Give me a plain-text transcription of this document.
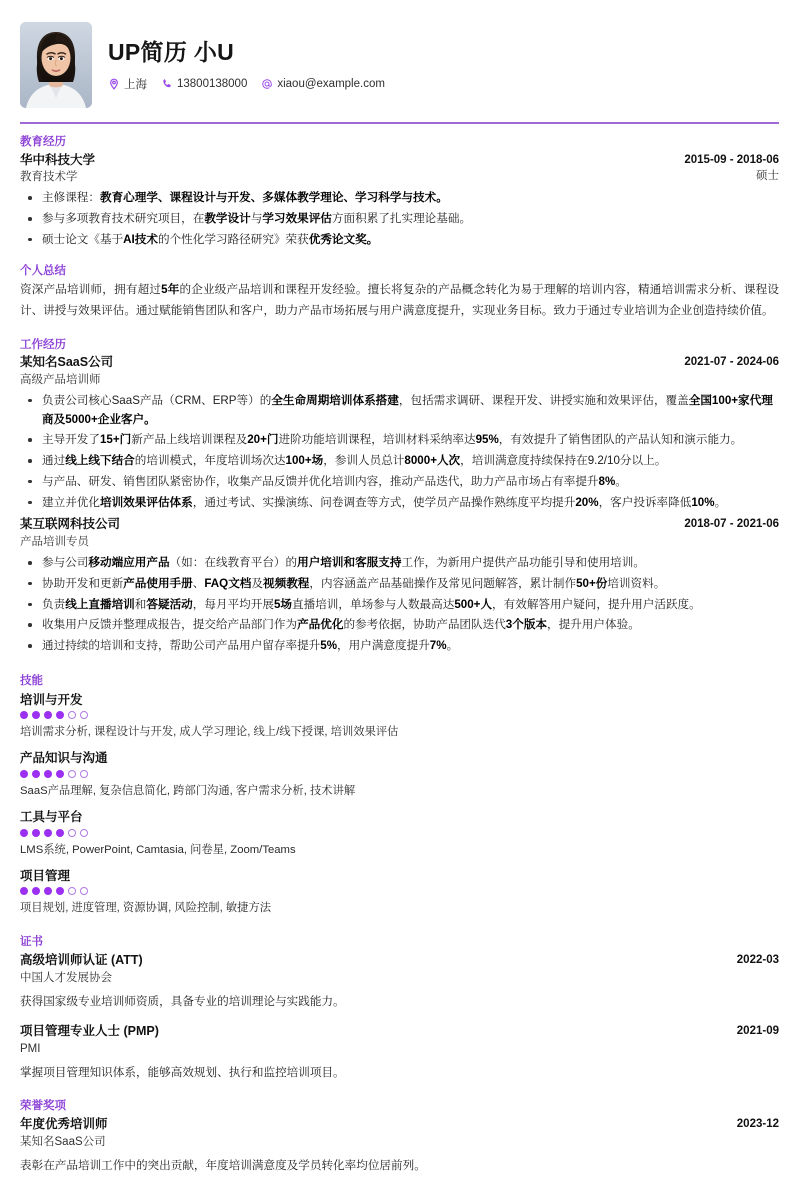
UP简历 小U
上海	13800138000	xiaou@example.com
教育经历
华中科技大学
教育技术学
2015-09 - 2018-06
硕士
主修课程：教育心理学、课程设计与开发、多媒体教学理论、学习科学与技术。
参与多项教育技术研究项目，在教学设计与学习效果评估方面积累了扎实理论基础。
硕士论文《基于AI技术的个性化学习路径研究》荣获优秀论文奖。
个人总结

资深产品培训师，拥有超过5年的企业级产品培训和课程开发经验。擅长将复杂的产品概念转化为易于理解的培训内容，精通培训需求分析、课程设计、讲授与效果评估。通过赋能销售团队和客户，助力产品市场拓展与用户满意度提升，实现业务目标。致力于通过专业培训为企业创造持续价值。

工作经历
某知名SaaS公司
高级产品培训师
2021-07 - 2024-06
负责公司核心SaaS产品（CRM、ERP等）的全生命周期培训体系搭建，包括需求调研、课程开发、讲授实施和效果评估，覆盖全国100+家代理商及5000+企业客户。
主导开发了15+门新产品上线培训课程及20+门进阶功能培训课程，培训材料采纳率达95%，有效提升了销售团队的产品认知和演示能力。
通过线上线下结合的培训模式，年度培训场次达100+场，参训人员总计8000+人次，培训满意度持续保持在9.2/10分以上。
与产品、研发、销售团队紧密协作，收集产品反馈并优化培训内容，推动产品迭代，助力产品市场占有率提升8%。
建立并优化培训效果评估体系，通过考试、实操演练、问卷调查等方式，使学员产品操作熟练度平均提升20%，客户投诉率降低10%。
某互联网科技公司
产品培训专员
2018-07 - 2021-06
参与公司移动端应用产品（如：在线教育平台）的用户培训和客服支持工作，为新用户提供产品功能引导和使用培训。
协助开发和更新产品使用手册、FAQ文档及视频教程，内容涵盖产品基础操作及常见问题解答，累计制作50+份培训资料。
负责线上直播培训和答疑活动，每月平均开展5场直播培训，单场参与人数最高达500+人，有效解答用户疑问，提升用户活跃度。
收集用户反馈并整理成报告，提交给产品部门作为产品优化的参考依据，协助产品团队迭代3个版本，提升用户体验。
通过持续的培训和支持，帮助公司产品用户留存率提升5%，用户满意度提升7%。
技能
培训与开发
培训需求分析, 课程设计与开发, 成人学习理论, 线上/线下授课, 培训效果评估
产品知识与沟通
SaaS产品理解, 复杂信息简化, 跨部门沟通, 客户需求分析, 技术讲解
工具与平台
LMS系统, PowerPoint, Camtasia, 问卷星, Zoom/Teams
项目管理
项目规划, 进度管理, 资源协调, 风险控制, 敏捷方法
证书
高级培训师认证 (ATT)
中国人才发展协会
2022-03

获得国家级专业培训师资质，具备专业的培训理论与实践能力。

项目管理专业人士 (PMP)
PMI
2021-09

掌握项目管理知识体系，能够高效规划、执行和监控培训项目。

荣誉奖项
年度优秀培训师
某知名SaaS公司
2023-12

表彰在产品培训工作中的突出贡献，年度培训满意度及学员转化率均位居前列。
